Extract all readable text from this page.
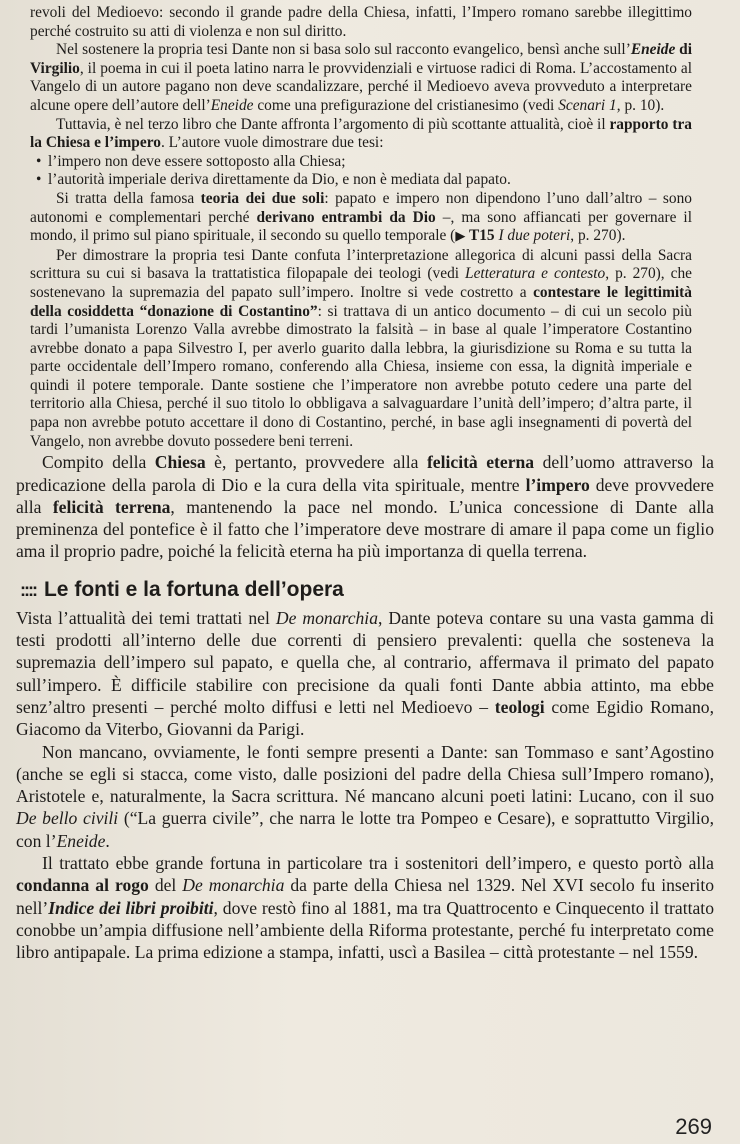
revoli del Medioevo: secondo il grande padre della Chiesa, infatti, l’Impero romano sarebbe illegittimo perché costruito su atti di violenza e non sul diritto.

Nel sostenere la propria tesi Dante non si basa solo sul racconto evangelico, bensì anche sull’Eneide di Virgilio, il poema in cui il poeta latino narra le provvidenziali e virtuose radici di Roma. L’accostamento al Vangelo di un autore pagano non deve scandalizzare, perché il Medioevo aveva provveduto a interpretare alcune opere dell’autore dell’Eneide come una prefigurazione del cristianesimo (vedi Scenari 1, p. 10).

Tuttavia, è nel terzo libro che Dante affronta l’argomento di più scottante attualità, cioè il rapporto tra la Chiesa e l’impero. L’autore vuole dimostrare due tesi:

• l’impero non deve essere sottoposto alla Chiesa;
• l’autorità imperiale deriva direttamente da Dio, e non è mediata dal papato.

Si tratta della famosa teoria dei due soli: papato e impero non dipendono l’uno dall’altro – sono autonomi e complementari perché derivano entrambi da Dio –, ma sono affiancati per governare il mondo, il primo sul piano spirituale, il secondo su quello temporale (▶ T15 I due poteri, p. 270).

Per dimostrare la propria tesi Dante confuta l’interpretazione allegorica di alcuni passi della Sacra scrittura su cui si basava la trattatistica filopapale dei teologi (vedi Letteratura e contesto, p. 270), che sostenevano la supremazia del papato sull’impero. Inoltre si vede costretto a contestare le legittimità della cosiddetta “donazione di Costantino”: si trattava di un antico documento – di cui un secolo più tardi l’umanista Lorenzo Valla avrebbe dimostrato la falsità – in base al quale l’imperatore Costantino avrebbe donato a papa Silvestro I, per averlo guarito dalla lebbra, la giurisdizione su Roma e su tutta la parte occidentale dell’Impero romano, conferendo alla Chiesa, insieme con essa, la dignità imperiale e quindi il potere temporale. Dante sostiene che l’imperatore non avrebbe potuto cedere una parte del territorio alla Chiesa, perché il suo titolo lo obbligava a salvaguardare l’unità dell’impero; d’altra parte, il papa non avrebbe potuto accettare il dono di Costantino, perché, in base agli insegnamenti di povertà del Vangelo, non avrebbe dovuto possedere beni terreni.

Compito della Chiesa è, pertanto, provvedere alla felicità eterna dell’uomo attraverso la predicazione della parola di Dio e la cura della vita spirituale, mentre l’impero deve provvedere alla felicità terrena, mantenendo la pace nel mondo. L’unica concessione di Dante alla preminenza del pontefice è il fatto che l’imperatore deve mostrare di amare il papa come un figlio ama il proprio padre, poiché la felicità eterna ha più importanza di quella terrena.

:::: Le fonti e la fortuna dell’opera

Vista l’attualità dei temi trattati nel De monarchia, Dante poteva contare su una vasta gamma di testi prodotti all’interno delle due correnti di pensiero prevalenti: quella che sosteneva la supremazia dell’impero sul papato, e quella che, al contrario, affermava il primato del papato sull’impero. È difficile stabilire con precisione da quali fonti Dante abbia attinto, ma ebbe senz’altro presenti – perché molto diffusi e letti nel Medioevo – teologi come Egidio Romano, Giacomo da Viterbo, Giovanni da Parigi.

Non mancano, ovviamente, le fonti sempre presenti a Dante: san Tommaso e sant’Agostino (anche se egli si stacca, come visto, dalle posizioni del padre della Chiesa sull’Impero romano), Aristotele e, naturalmente, la Sacra scrittura. Né mancano alcuni poeti latini: Lucano, con il suo De bello civili (“La guerra civile”, che narra le lotte tra Pompeo e Cesare), e soprattutto Virgilio, con l’Eneide.

Il trattato ebbe grande fortuna in particolare tra i sostenitori dell’impero, e questo portò alla condanna al rogo del De monarchia da parte della Chiesa nel 1329. Nel XVI secolo fu inserito nell’Indice dei libri proibiti, dove restò fino al 1881, ma tra Quattrocento e Cinquecento il trattato conobbe un’ampia diffusione nell’ambiente della Riforma protestante, perché fu interpretato come libro antipapale. La prima edizione a stampa, infatti, uscì a Basilea – città protestante – nel 1559.

269
